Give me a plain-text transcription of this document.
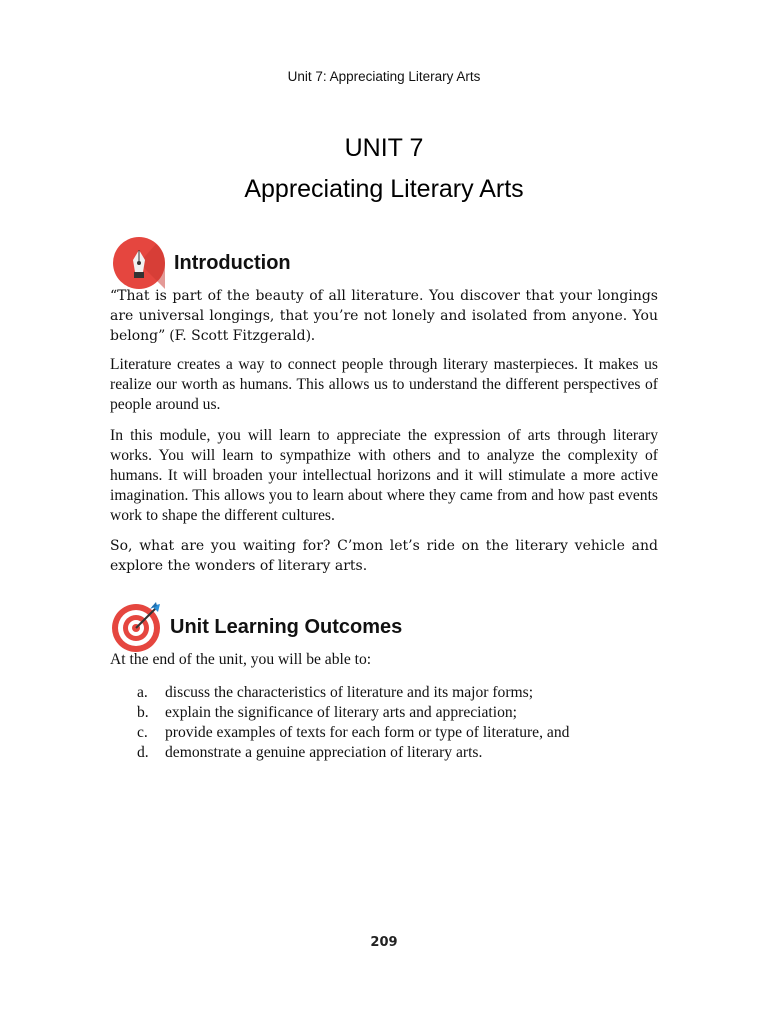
Unit 7: Appreciating Literary Arts
UNIT 7
Appreciating Literary Arts
Introduction

“That is part of the beauty of all literature. You discover that your longings are universal longings, that you’re not lonely and isolated from anyone. You belong” (F. Scott Fitzgerald).

Literature creates a way to connect people through literary masterpieces. It makes us realize our worth as humans. This allows us to understand the different perspectives of people around us.

In this module, you will learn to appreciate the expression of arts through literary works. You will learn to sympathize with others and to analyze the complexity of humans. It will broaden your intellectual horizons and it will stimulate a more active imagination. This allows you to learn about where they came from and how past events work to shape the different cultures.

So, what are you waiting for? C’mon let’s ride on the literary vehicle and explore the wonders of literary arts.

Unit Learning Outcomes
At the end of the unit, you will be able to:
a.	discuss the characteristics of literature and its major forms;
b.	explain the significance of literary arts and appreciation;
c.	provide examples of texts for each form or type of literature, and
d.	demonstrate a genuine appreciation of literary arts.
209
